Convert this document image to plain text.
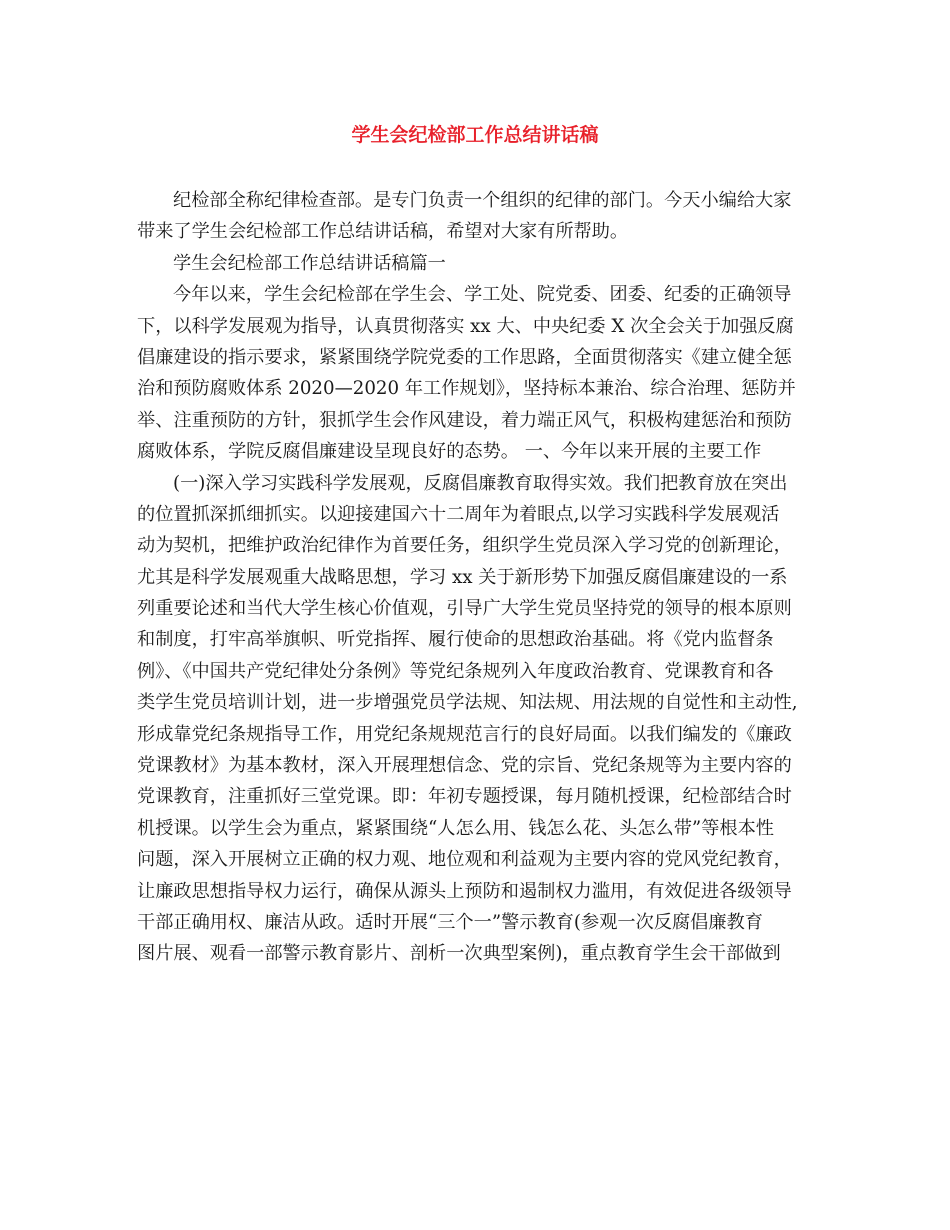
学生会纪检部工作总结讲话稿
纪检部全称纪律检查部。是专门负责一个组织的纪律的部门。今天小编给大家
带来了学生会纪检部工作总结讲话稿，希望对大家有所帮助。
学生会纪检部工作总结讲话稿篇一
今年以来，学生会纪检部在学生会、学工处、院党委、团委、纪委的正确领导
下，以科学发展观为指导，认真贯彻落实 xx 大、中央纪委 X 次全会关于加强反腐
倡廉建设的指示要求，紧紧围绕学院党委的工作思路，全面贯彻落实《建立健全惩
治和预防腐败体系 2020—2020 年工作规划》，坚持标本兼治、综合治理、惩防并
举、注重预防的方针，狠抓学生会作风建设，着力端正风气，积极构建惩治和预防
腐败体系，学院反腐倡廉建设呈现良好的态势。 一、今年以来开展的主要工作
(一)深入学习实践科学发展观，反腐倡廉教育取得实效。我们把教育放在突出
的位置抓深抓细抓实。以迎接建国六十二周年为着眼点,以学习实践科学发展观活
动为契机，把维护政治纪律作为首要任务，组织学生党员深入学习党的创新理论，
尤其是科学发展观重大战略思想，学习 xx 关于新形势下加强反腐倡廉建设的一系
列重要论述和当代大学生核心价值观，引导广大学生党员坚持党的领导的根本原则
和制度，打牢高举旗帜、听党指挥、履行使命的思想政治基础。将《党内监督条
例》、《中国共产党纪律处分条例》等党纪条规列入年度政治教育、党课教育和各
类学生党员培训计划，进一步增强党员学法规、知法规、用法规的自觉性和主动性,
形成靠党纪条规指导工作，用党纪条规规范言行的良好局面。以我们编发的《廉政
党课教材》为基本教材，深入开展理想信念、党的宗旨、党纪条规等为主要内容的
党课教育，注重抓好三堂党课。即：年初专题授课，每月随机授课，纪检部结合时
机授课。以学生会为重点，紧紧围绕“人怎么用、钱怎么花、头怎么带”等根本性
问题，深入开展树立正确的权力观、地位观和利益观为主要内容的党风党纪教育，
让廉政思想指导权力运行，确保从源头上预防和遏制权力滥用，有效促进各级领导
干部正确用权、廉洁从政。适时开展“三个一”警示教育(参观一次反腐倡廉教育
图片展、观看一部警示教育影片、剖析一次典型案例)，重点教育学生会干部做到
